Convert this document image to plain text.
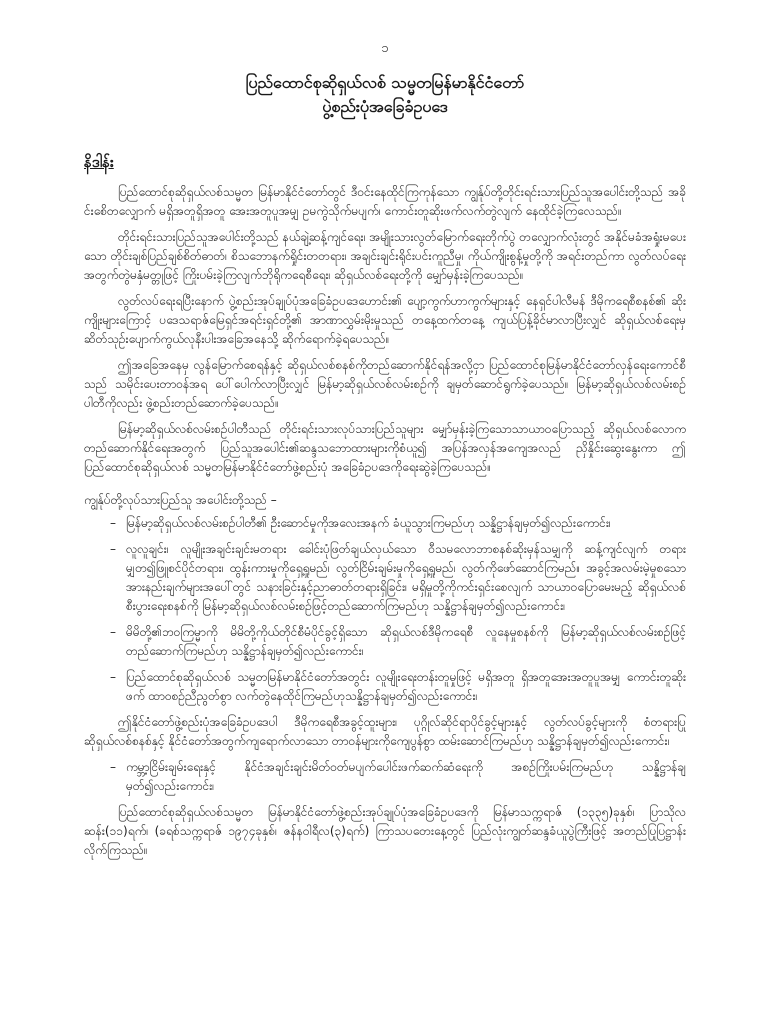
၁
ပြည်ထောင်စုဆိုရှယ်လစ် သမ္မတမြန်မာနိုင်ငံတော်
ပွဲ့စည်းပုံအခြေခံဥပဒေ
နိဒါန်း

ပြည်ထောင်စုဆိုရှယ်လစ်သမ္မတ မြန်မာနိုင်ငံတော်တွင် ဒီဝင်းနေထိုင်ကြကုန်သော ကျွန်ုပ်တို့တိုင်းရင်းသားပြည်သူအပေါင်းတို့သည် အခိုင်းစေိတလျှောက် မရှိအတူရှိအတူ အေးအတူပူအမျှ ဥမကွဲသိုက်မပျက်၊ ကောင်းတူဆိုးဖက်လက်တွဲလျက် နေထိုင်ခဲ့ကြလေသည်။

တိုင်းရင်းသားပြည်သူအပေါင်းတို့သည် နယ်ချဲ့ဆန့်ကျင်ရေး၊ အမျိုးသားလွတ်မြောက်ရေးတိုက်ပွဲ တလျှောက်လုံးတွင် အနိုင်မခံအရှုံးမပေးသော တိုင်းချစ်ပြည်ချစ်စိတ်ဓာတ်၊ စိသဘောနက်ရှိုင်းတတရား၊ အချင်းချင်းရိုင်းပင်းကူညီမှု၊ ကိုယ်ကျိုးစွန့်မှုတို့ကို အရင်းတည်ကာ လွတ်လပ်ရေးအတွက်တွဲမနှံမတ္တုဖြင့် ကြိုးပမ်းခဲ့ကြလျက်ဘိုရိုကရေစီရေး၊ ဆိုရှယ်လစ်ရေးတို့ကို မျှော်မှန်းခဲ့ကြပေသည်။

လွတ်လပ်ရေးရပြီးနောက် ပွဲ့စည်းအုပ်ချုပ်ပုံအခြေခံဥပဒေဟောင်း၏ ပျော့ကွက်ဟာကွက်များနှင့် နေရှင်ပါလီမန် ဒီမိုကရေစီစနစ်၏ ဆိုးကျိုးများကြောင့် ပဒေသရာဇ်မြေရှင်အရင်းရှင်တို့၏ အာဏာလွှမ်းမိုးမှုသည် တနေ့ထက်တနေ့ ကျယ်ပြန့်ခိုင်မာလာပြီးလျှင် ဆိုရှယ်လစ်ရေးမှ ဆိတ်သုဉ်းပျောက်ကွယ်လုနီးပါးအခြေအနေသို့ ဆိုက်ရောက်ခဲ့ရပေသည်။

ဤအခြေအနေမှ လွန်မြောက်စေရန်နှင့် ဆိုရှယ်လစ်စနစ်ကိုတည်ဆောက်နိုင်ရန်အလို့ငှာ ပြည်ထောင်စုမြန်မာနိုင်ငံတော်လှန်ရေးကောင်စီသည် သမိုင်းပေးတာဝန်အရ ပေါ်ပေါက်လာပြီးလျှင် မြန်မာ့ဆိုရှယ်လစ်လမ်းစဉ်ကို ချမှတ်ဆောင်ရွက်ခဲ့ပေသည်။ မြန်မာ့ဆိုရှယ်လစ်လမ်းစဉ်ပါတီကိုလည်း ဖွဲ့စည်းတည်ဆောက်ခဲ့ပေသည်။

မြန်မာ့ဆိုရှယ်လစ်လမ်းစဉ်ပါတီသည် တိုင်းရင်းသားလုပ်သားပြည်သူများ မျှော်မှန်းခဲ့ကြသောသာယာဝပြောသည့် ဆိုရှယ်လစ်လောကတည်ဆောက်နိုင်ရေးအတွက် ပြည်သူအပေါင်း၏ဆန္ဒသဘောထားများကိုစံယူ၍ အပြန်အလှန်အကျေအလည် ညှိနှိုင်းဆွေးနွေးကာ ဤပြည်ထောင်စုဆိုရှယ်လစ် သမ္မတမြန်မာနိုင်ငံတော်ဖွဲ့စည်းပုံ အခြေခံဥပဒေကိုရေးဆွဲခဲ့ကြပေသည်။

ကျွန်ုပ်တို့လုပ်သားပြည်သူ အပေါင်းတို့သည် –

– မြန်မာ့ဆိုရှယ်လစ်လမ်းစဉ်ပါတီ၏ ဦးဆောင်မှုကိုအလေးအနက် ခံယူသွားကြမည်ဟု သန္နိဋ္ဌာန်ချမှတ်၍လည်းကောင်း၊

– လူလူချင်း၊ လူမျိုးအချင်းချင်းမတရား ခေါင်းပုံဖြတ်ချယ်လှယ်သော ဝီသမလောဘာစနစ်ဆိုးမှန်သမျှကို ဆန့်ကျင်လျက် တရားမျှတ၍ဖြူစင်ပိုင်တရား၊ ထွန်းကားမှုကိုရှေ့ရှုမည်၊ လွတ်ငြိမ်းချမ်းမှုကိုရှေ့ရှုမည်၊ လွတ်ကိုဖော်ဆောင်ကြမည်။ အခွင့်အလမ်းမဲ့မှုစသောအားနည်းချက်များအပေါ်တွင် သနားခြင်းနှင့်ညာဓာတ်တရားရှိခြင်း၊ မရှိမှုတို့ကိုကင်းရှင်းစေလျက် သာယာဝပြောမေးမည့် ဆိုရှယ်လစ်စီးပွားရေးစနစ်ကို မြန်မာ့ဆိုရှယ်လစ်လမ်းစဉ်ဖြင့်တည်ဆောက်ကြမည်ဟု သန္နိဋ္ဌာန်ချမှတ်၍လည်းကောင်း၊

– မိမိတို့၏ဘဝကြမ္မာကို မိမိတို့ကိုယ်တိုင်စီမံပိုင်ခွင့်ရှိသော ဆိုရှယ်လစ်ဒီမိုကရေစီ လူနေမှုစနစ်ကို မြန်မာ့ဆိုရှယ်လစ်လမ်းစဉ်ဖြင့်တည်ဆောက်ကြမည်ဟု သန္နိဋ္ဌာန်ချမှတ်၍လည်းကောင်း၊

– ပြည်ထောင်စုဆိုရှယ်လစ် သမ္မတမြန်မာနိုင်ငံတော်အတွင်း လူမျိုးရေးတန်းတူမှုဖြင့် မရှိအတူ ရှိအတူအေးအတူပူအမျှ ကောင်းတူဆိုးဖက် ထာဝစဉ်ညီညွတ်စွာ လက်တွဲနေထိုင်ကြမည်ဟုသန္နိဋ္ဌာန်ချမှတ်၍လည်းကောင်း၊

ဤနိုင်ငံတော်ဖွဲ့စည်းပုံအခြေခံဥပဒေပါ ဒီမိုကရေစီအခွင့်ထူးများ၊ ပုဂ္ဂိုလ်ဆိုင်ရာပိုင်ခွင့်များနှင့် လွတ်လပ်ခွင့်များကို စံတရားပြုဆိုရှယ်လစ်စနစ်နှင့် နိုင်ငံတော်အတွက်ကျရောက်လာသော တာဝန်များကိုကျေပွန်စွာ ထမ်းဆောင်ကြမည်ဟု သန္နိဋ္ဌာန်ချမှတ်၍လည်းကောင်း၊

– ကမ္ဘာ့ငြိမ်းချမ်းရေးနှင့် နိုင်ငံအချင်းချင်းမိတ်ဝတ်မပျက်ပေါင်းဖက်ဆက်ဆံရေးကို အစဉ်ကြိုးပမ်းကြမည်ဟု သန္နိဋ္ဌာန်ချမှတ်၍လည်းကောင်း၊

ပြည်ထောင်စုဆိုရှယ်လစ်သမ္မတ မြန်မာနိုင်ငံတော်ဖွဲ့စည်းအုပ်ချုပ်ပုံအခြေခံဥပဒေကို မြန်မာသက္ကရာဇ် (၁၃၃၅)ခုနှစ်၊ ပြာသိုလဆန်း(၁၁)ရက်၊ (ခရစ်သက္ကရာဇ် ၁၉၇၄ခုနှစ်၊ ဇန်နဝါရီလ(၃)ရက်) ကြာသပတေးနေ့တွင် ပြည်လုံးကျွတ်ဆန္ဒခံယူပွဲကြီးဖြင့် အတည်ပြုပြဋ္ဌာန်းလိုက်ကြသည်။
